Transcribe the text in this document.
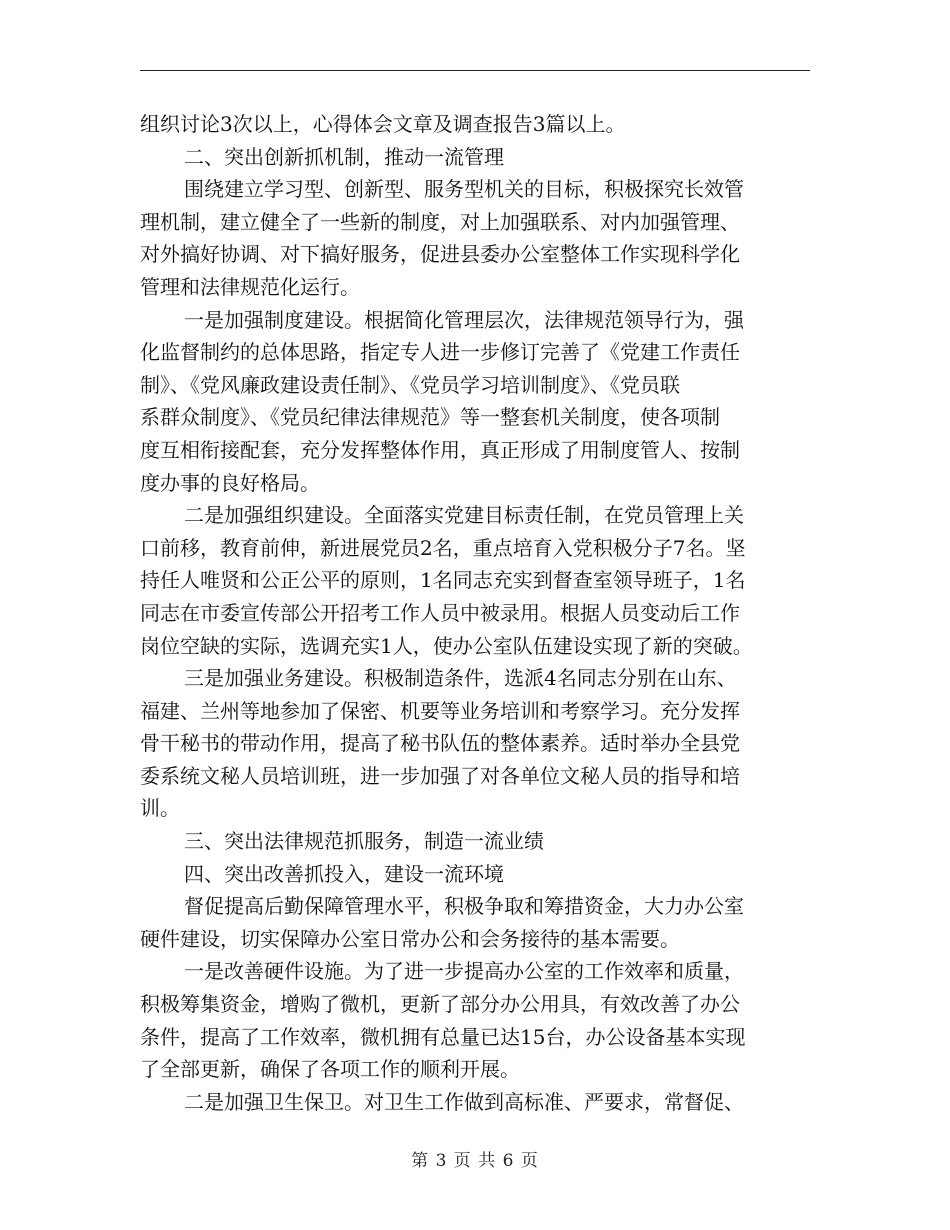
组织讨论3次以上，心得体会文章及调查报告3篇以上。
二、突出创新抓机制，推动一流管理
围绕建立学习型、创新型、服务型机关的目标，积极探究长效管
理机制，建立健全了一些新的制度，对上加强联系、对内加强管理、
对外搞好协调、对下搞好服务，促进县委办公室整体工作实现科学化
管理和法律规范化运行。
一是加强制度建设。根据简化管理层次，法律规范领导行为，强
化监督制约的总体思路，指定专人进一步修订完善了《党建工作责任
制》、《党风廉政建设责任制》、《党员学习培训制度》、《党员联
系群众制度》、《党员纪律法律规范》等一整套机关制度，使各项制
度互相衔接配套，充分发挥整体作用，真正形成了用制度管人、按制
度办事的良好格局。
二是加强组织建设。全面落实党建目标责任制，在党员管理上关
口前移，教育前伸，新进展党员2名，重点培育入党积极分子7名。坚
持任人唯贤和公正公平的原则，1名同志充实到督查室领导班子，1名
同志在市委宣传部公开招考工作人员中被录用。根据人员变动后工作
岗位空缺的实际，选调充实1人，使办公室队伍建设实现了新的突破。
三是加强业务建设。积极制造条件，选派4名同志分别在山东、
福建、兰州等地参加了保密、机要等业务培训和考察学习。充分发挥
骨干秘书的带动作用，提高了秘书队伍的整体素养。适时举办全县党
委系统文秘人员培训班，进一步加强了对各单位文秘人员的指导和培
训。
三、突出法律规范抓服务，制造一流业绩
四、突出改善抓投入，建设一流环境
督促提高后勤保障管理水平，积极争取和筹措资金，大力办公室
硬件建设，切实保障办公室日常办公和会务接待的基本需要。
一是改善硬件设施。为了进一步提高办公室的工作效率和质量，
积极筹集资金，增购了微机，更新了部分办公用具，有效改善了办公
条件，提高了工作效率，微机拥有总量已达15台，办公设备基本实现
了全部更新，确保了各项工作的顺利开展。
二是加强卫生保卫。对卫生工作做到高标准、严要求，常督促、
第 3 页 共 6 页
